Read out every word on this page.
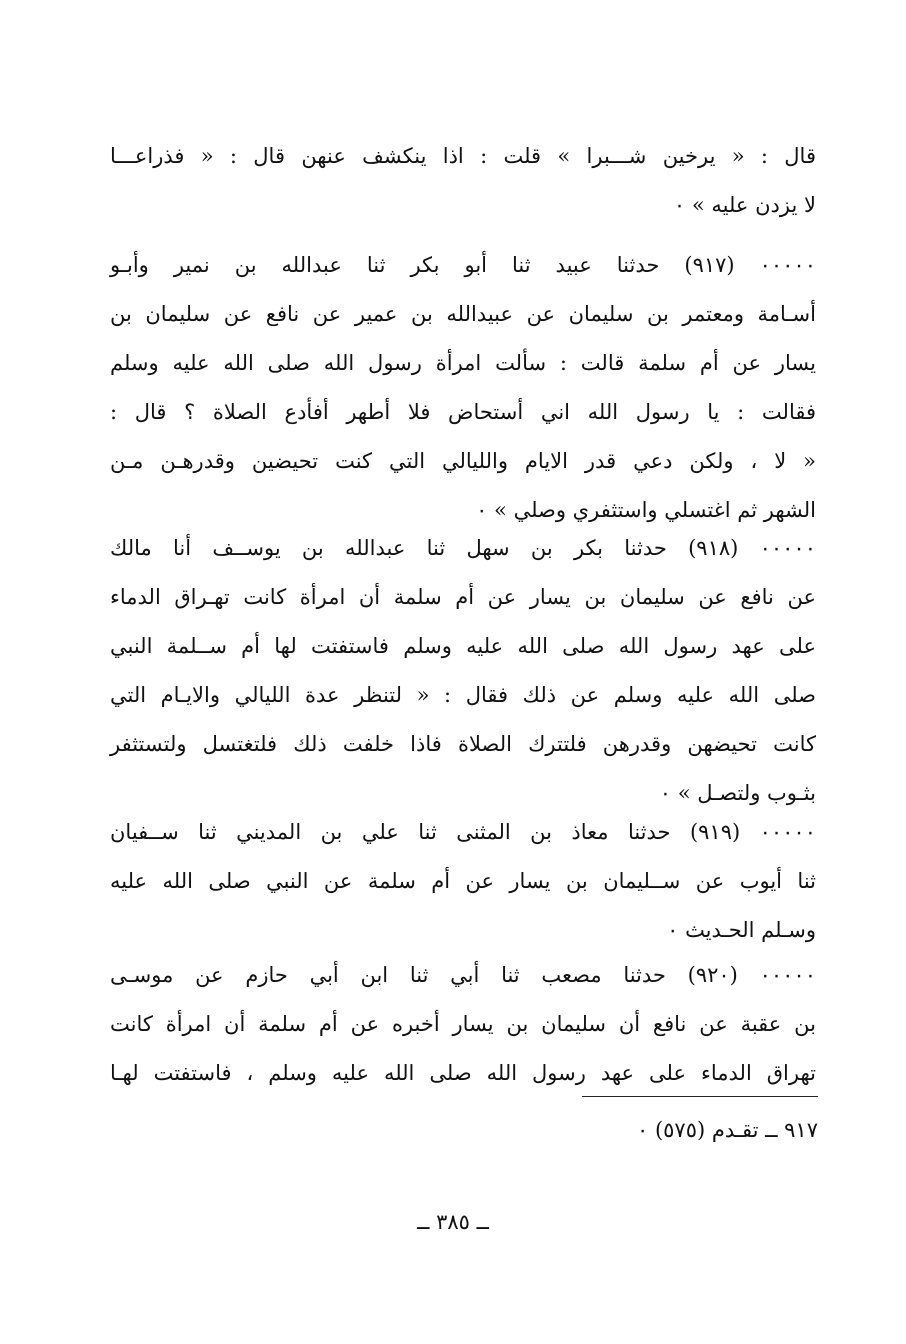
قال : « يرخين شـــبرا » قلت : اذا ينكشف عنهن قال : « فذراعـــا

لا يزدن عليه » ٠

٠٠٠٠٠ (٩١٧) حدثنا عبيد ثنا أبو بكر ثنا عبدالله بن نمير وأبـو

أسـامة ومعتمر بن سليمان عن عبيدالله بن عمير عن نافع عن سليمان بن

يسار عن أم سلمة قالت : سألت امرأة رسول الله صلى الله عليه وسلم

فقالت : يا رسول الله اني أستحاض فلا أطهر أفأدع الصلاة ؟ قال :

« لا ، ولكن دعي قدر الايام والليالي التي كنت تحيضين وقدرهـن مـن

الشهر ثم اغتسلي واستثفري وصلي » ٠

٠٠٠٠٠ (٩١٨) حدثنا بكر بن سهل ثنا عبدالله بن يوســف أنا مالك

عن نافع عن سليمان بن يسار عن أم سلمة أن امرأة كانت تهـراق الدماء

على عهد رسول الله صلى الله عليه وسلم فاستفتت لها أم ســلمة النبي

صلى الله عليه وسلم عن ذلك فقال : « لتنظر عدة الليالي والايـام التي

كانت تحيضهن وقدرهن فلتترك الصلاة فاذا خلفت ذلك فلتغتسل ولتستثفر

بثـوب ولتصـل » ٠

٠٠٠٠٠ (٩١٩) حدثنا معاذ بن المثنى ثنا علي بن المديني ثنا ســفيان

ثنا أيوب عن ســليمان بن يسار عن أم سلمة عن النبي صلى الله عليه

وسـلم الحـديث ٠

٠٠٠٠٠ (٩٢٠) حدثنا مصعب ثنا أبي ثنا ابن أبي حازم عن موسـى

بن عقبة عن نافع أن سليمان بن يسار أخبره عن أم سلمة أن امرأة كانت

تهراق الدماء على عهد رسول الله صلى الله عليه وسلم ، فاستفتت لهـا

٩١٧ ــ تقـدم (٥٧٥) ٠

ــ ٣٨٥ ــ
